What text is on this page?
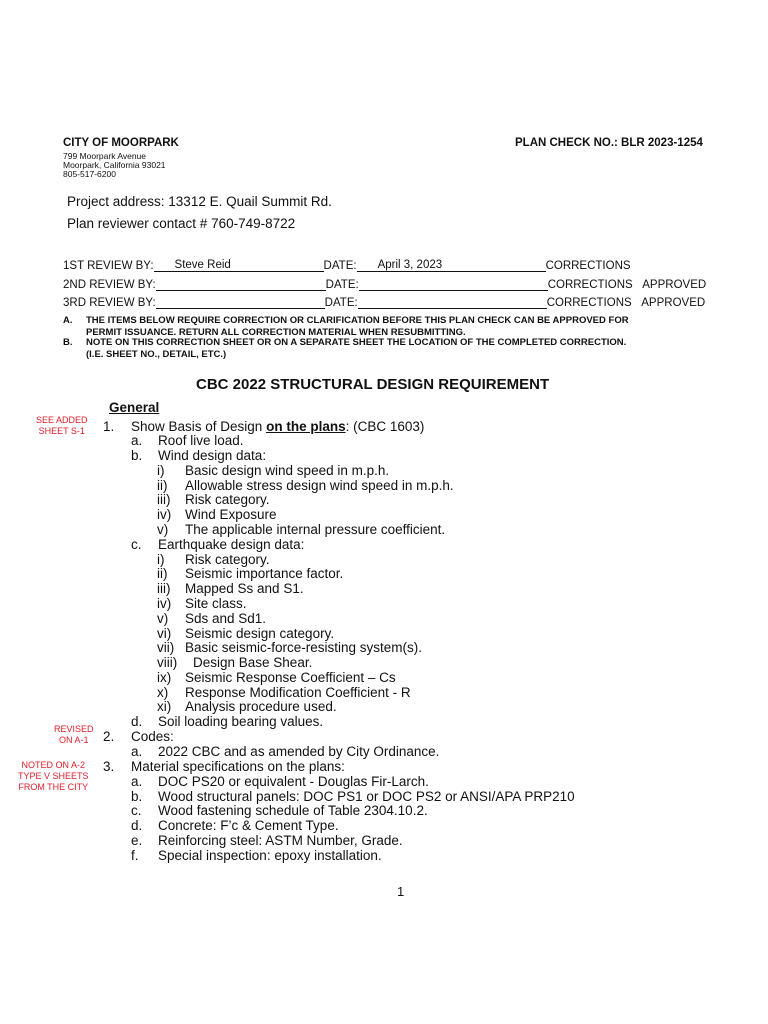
CITY OF MOORPARK
799 Moorpark Avenue
Moorpark, California 93021
805-517-6200
PLAN CHECK NO.: BLR 2023-1254
Project address: 13312 E. Quail Summit Rd.
Plan reviewer contact # 760-749-8722
1ST REVIEW BY: Steve Reid	DATE: April 3, 2023	CORRECTIONS
2ND REVIEW BY:	DATE:	CORRECTIONS APPROVED
3RD REVIEW BY:	DATE:	CORRECTIONS APPROVED
A. THE ITEMS BELOW REQUIRE CORRECTION OR CLARIFICATION BEFORE THIS PLAN CHECK CAN BE APPROVED FOR
PERMIT ISSUANCE. RETURN ALL CORRECTION MATERIAL WHEN RESUBMITTING.
B. NOTE ON THIS CORRECTION SHEET OR ON A SEPARATE SHEET THE LOCATION OF THE COMPLETED CORRECTION.
(I.E. SHEET NO., DETAIL, ETC.)
CBC 2022 STRUCTURAL DESIGN REQUIREMENT
General
SEE ADDED
SHEET S-1
REVISED
ON A-1
NOTED ON A-2
TYPE V SHEETS
FROM THE CITY
1. Show Basis of Design on the plans: (CBC 1603)
a. Roof live load.
b. Wind design data:
i) Basic design wind speed in m.p.h.
ii) Allowable stress design wind speed in m.p.h.
iii) Risk category.
iv) Wind Exposure
v) The applicable internal pressure coefficient.
c. Earthquake design data:
i) Risk category.
ii) Seismic importance factor.
iii) Mapped Ss and S1.
iv) Site class.
v) Sds and Sd1.
vi) Seismic design category.
vii) Basic seismic-force-resisting system(s).
viii) Design Base Shear.
ix) Seismic Response Coefficient – Cs
x) Response Modification Coefficient - R
xi) Analysis procedure used.
d. Soil loading bearing values.
2. Codes:
a. 2022 CBC and as amended by City Ordinance.
3. Material specifications on the plans:
a. DOC PS20 or equivalent - Douglas Fir-Larch.
b. Wood structural panels: DOC PS1 or DOC PS2 or ANSI/APA PRP210
c. Wood fastening schedule of Table 2304.10.2.
d. Concrete: F’c & Cement Type.
e. Reinforcing steel: ASTM Number, Grade.
f. Special inspection: epoxy installation.
1
